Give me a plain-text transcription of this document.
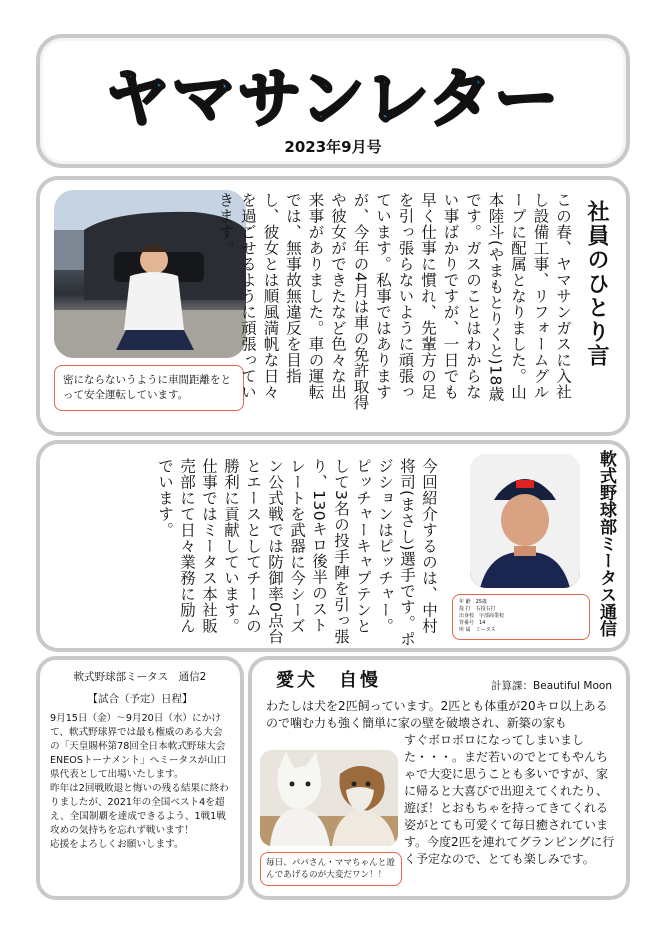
ヤマサンレター
2023年9月号
密にならないうように車間距離をとって安全運転しています。
社員のひとり言
この春、ヤマサンガスに入社し設備工事、リフォームグループに配属となりました。山本陸斗(やまもとりくと)18歳です。ガスのことはわからない事ばかりですが、一日でも早く仕事に慣れ、先輩方の足を引っ張らないように頑張っています。私事ではありますが、今年の4月は車の免許取得や彼女ができたなど色々な出来事がありました。車の運転では、無事故無違反を目指し、彼女とは順風満帆な日々を過ごせるように頑張っていきます。
軟式野球部ミータス通信
年 齢　25歳
投 打　右投右打
出身校　宇部商業校
背番号　14
所 属　ミータス
今回紹介するのは、中村将司(まさし)選手です。ポジションはピッチャー。ピッチャーキャプテンとして3名の投手陣を引っ張り、130キロ後半のストレートを武器に今シーズン公式戦では防御率0点台とエースとしてチームの勝利に貢献しています。仕事ではミータス本社販売部にて日々業務に励んでいます。
軟式野球部ミータス　通信2
【試合（予定）日程】

9月15日（金）～9月20日（水）にかけて、軟式野球界では最も権威のある大会の「天皇賜杯第78回全日本軟式野球大会 ENEOSトーナメント」へミータスが山口県代表として出場いたします。

昨年は2回戦敗退と悔いの残る結果に終わりましたが、2021年の全国ベスト4を超え、全国制覇を達成できるよう、1戦1戦攻めの気持ちを忘れず戦います！

応援をよろしくお願いします。

愛犬　自慢	計算課：Beautiful Moon
わたしは犬を2匹飼っています。2匹とも体重が20キロ以上あるので噛む力も強く簡単に家の壁を破壊され、新築の家も
毎日、パパさん・ママちゃんと遊んであげるのが大変だワン！！
すぐボロボロになってしまいました・・・。まだ若いのでとてもやんちゃで大変に思うことも多いですが、家に帰ると大喜びで出迎えてくれたり、遊ぼ！とおもちゃを持ってきてくれる姿がとても可愛くて毎日癒されています。今度2匹を連れてグランピングに行く予定なので、とても楽しみです。
